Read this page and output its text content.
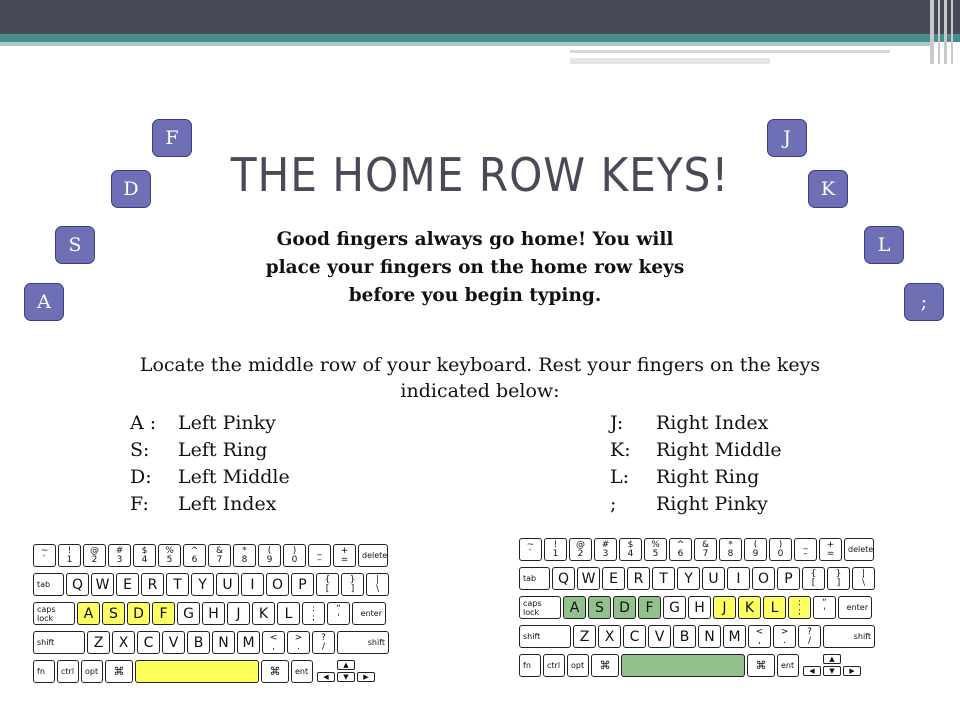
F
D
S
A
J
K
L
;
THE HOME ROW KEYS!
Good fingers always go home! You will place your fingers on the home row keys before you begin typing.
Locate the middle row of your keyboard. Rest your fingers on the keys indicated below:
A :	Left Pinky
S:	Left Ring
D:	Left Middle
F:	Left Index
J:	Right Index
K:	Right Middle
L:	Right Ring
;	Right Pinky
~
`
!
1
@
2
#
3
$
4
%
5
^
6
&
7
*
8
(
9
)
0
_
–
+
=	delete
tab	Q W E	R	T	Y	U	I	O	P	{
[
}
]
|
\
caps lock	A	S	D	F	G	H	J	K	L	:
;
“
'	enter
shift	Z	X	C	V	B	N M	<
,
>
.
?
/	shift
fn	ctrl	opt	⌘	⌘	ent
▲
◀	▼	▶
~
`
!
1
@
2
#
3
$
4
%
5
^
6
&
7
*
8
(
9
)
0
_
–
+
=	delete
tab	Q W E	R	T	Y	U	I	O	P	{
[
}
]
|
\
caps lock	A	S	D	F	G	H	J	K	L	:
;
“
'	enter
shift	Z	X	C	V	B	N M	<
,
>
.
?
/	shift
fn	ctrl	opt	⌘	⌘	ent
▲
◀	▼	▶
